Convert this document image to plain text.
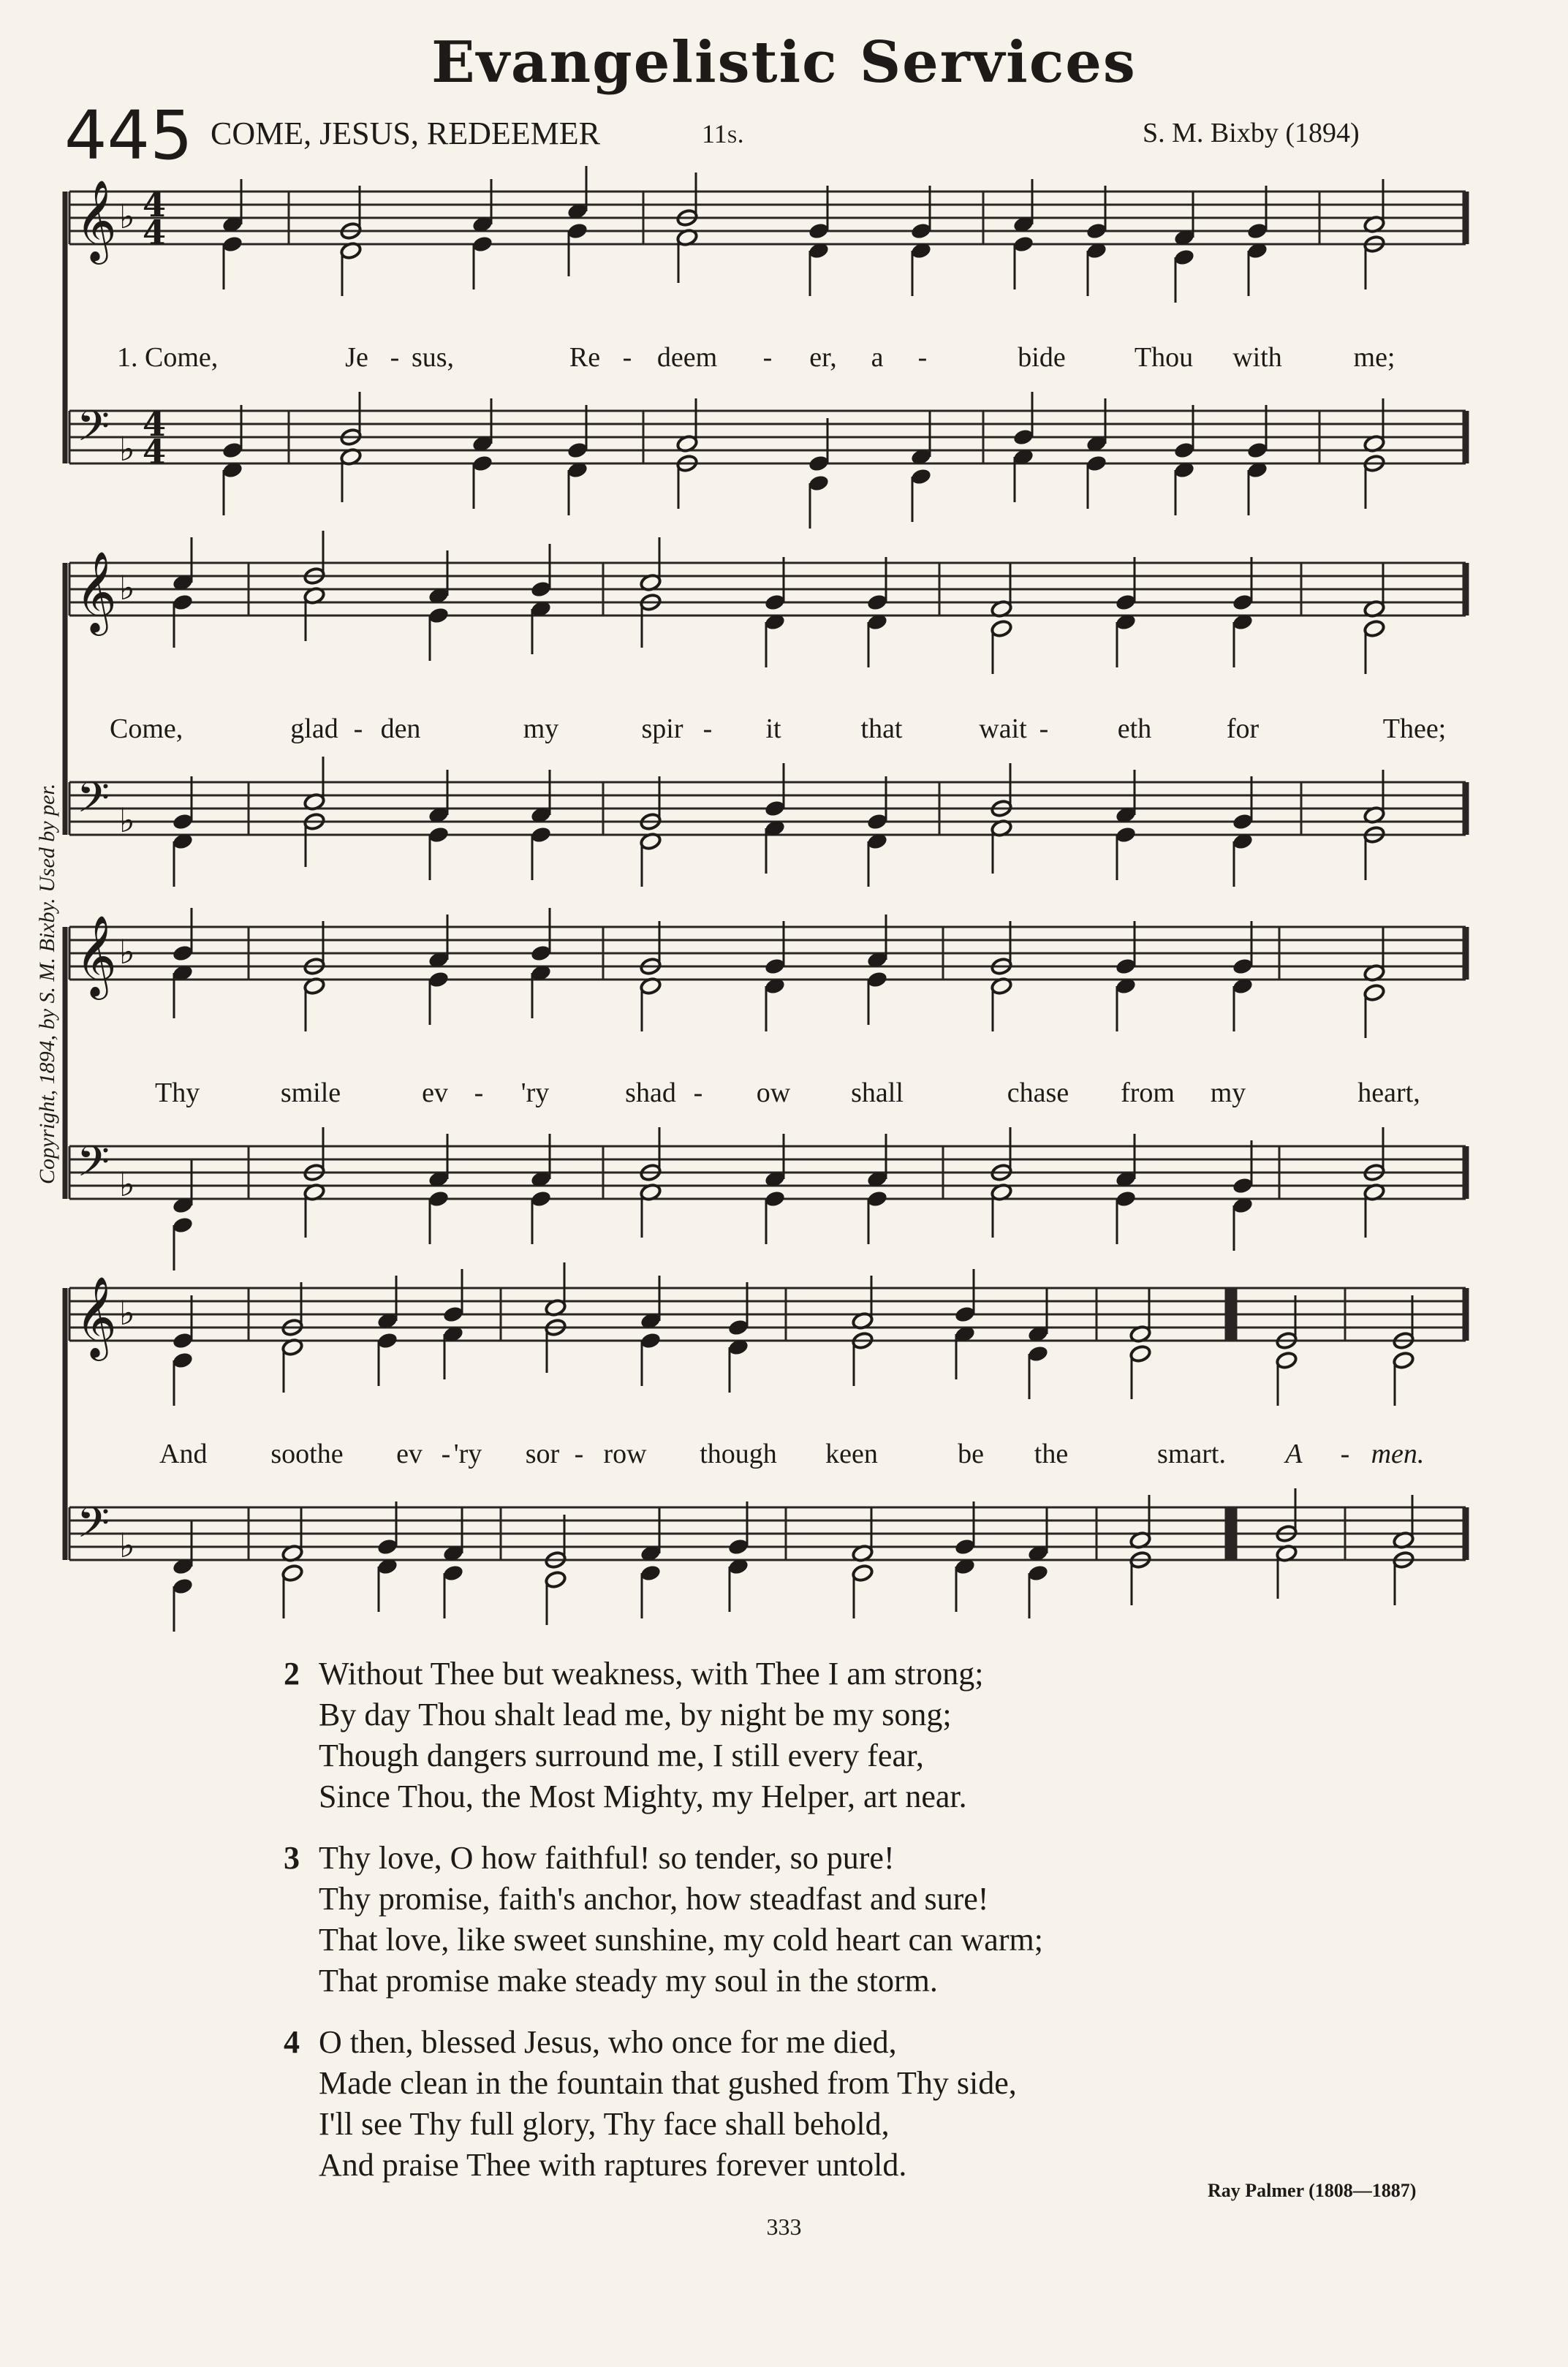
Evangelistic Services
445 COME, JESUS, REDEEMER	11s.	S. M. Bixby (1894)
Copyright, 1894, by S. M. Bixby. Used by per.
𝄞
𝄢
♭
♭
4
4
4
4
1. Come,	Je - sus,	Re - deem - er, a -	bide Thou with	me;
𝄞
𝄢
♭
♭
Come,	glad - den	my	spir - it	that	wait - eth	for	Thee;
𝄞
𝄢
♭
♭
Thy	smile	ev - 'ry	shad - ow shall	chase from my	heart,
𝄞
𝄢
♭
♭
And soothe ev - 'ry sor - row though keen	be the	smart. A - men.
2 Without Thee but weakness, with Thee I am strong;
By day Thou shalt lead me, by night be my song;
Though dangers surround me, I still every fear,
Since Thou, the Most Mighty, my Helper, art near.
3 Thy love, O how faithful! so tender, so pure!
Thy promise, faith's anchor, how steadfast and sure!
That love, like sweet sunshine, my cold heart can warm;
That promise make steady my soul in the storm.
4 O then, blessed Jesus, who once for me died,
Made clean in the fountain that gushed from Thy side,
I'll see Thy full glory, Thy face shall behold,
And praise Thee with raptures forever untold.
Ray Palmer (1808—1887)
333
